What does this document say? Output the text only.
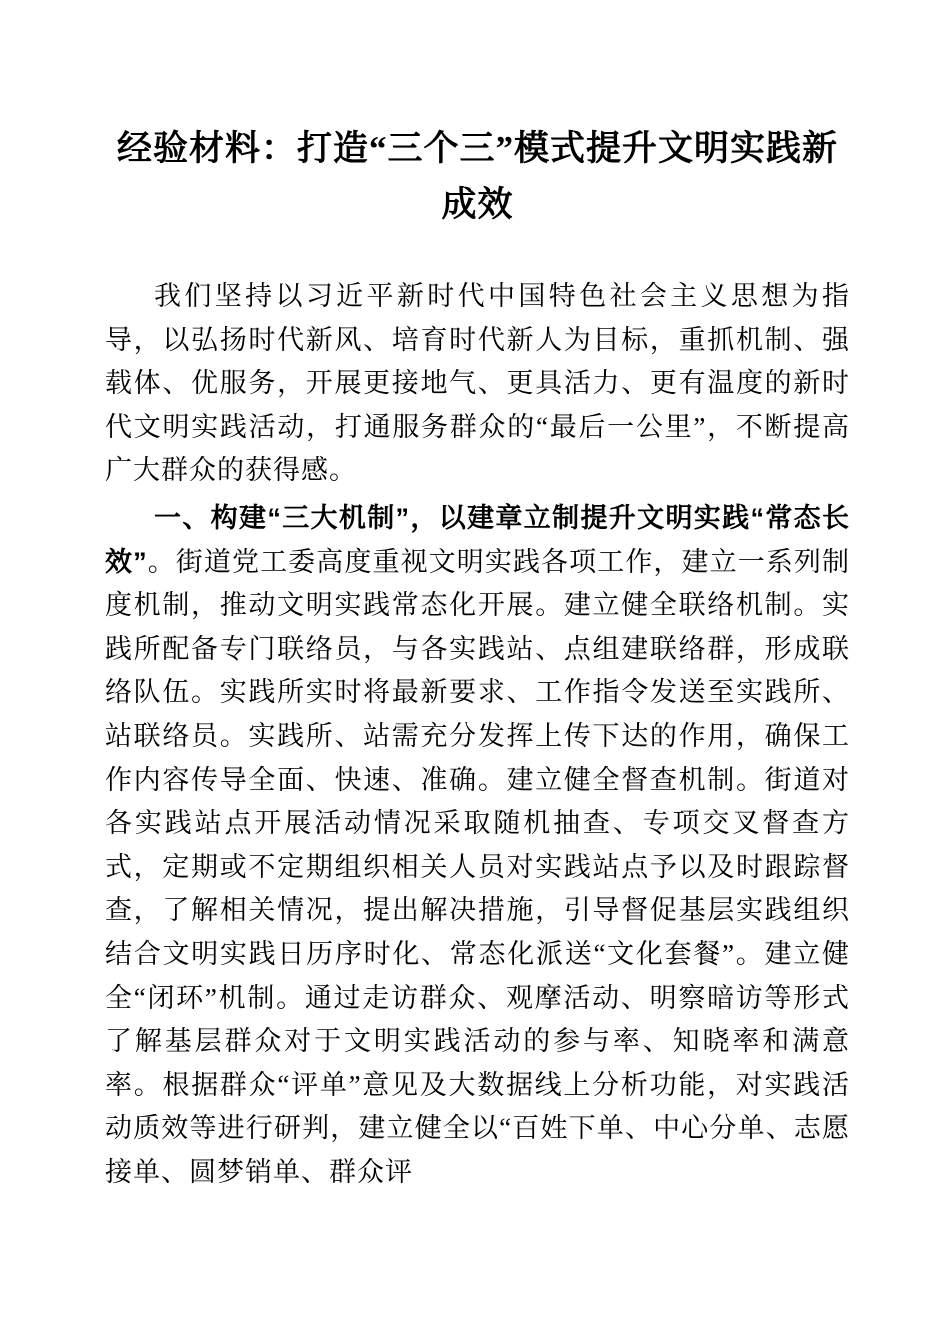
经验材料：打造“三个三”模式提升文明实践新成效

我们坚持以习近平新时代中国特色社会主义思想为指导，以弘扬时代新风、培育时代新人为目标，重抓机制、强载体、优服务，开展更接地气、更具活力、更有温度的新时代文明实践活动，打通服务群众的“最后一公里”，不断提高广大群众的获得感。

一、构建“三大机制”，以建章立制提升文明实践“常态长效”。街道党工委高度重视文明实践各项工作，建立一系列制度机制，推动文明实践常态化开展。建立健全联络机制。实践所配备专门联络员，与各实践站、点组建联络群，形成联络队伍。实践所实时将最新要求、工作指令发送至实践所、站联络员。实践所、站需充分发挥上传下达的作用，确保工作内容传导全面、快速、准确。建立健全督查机制。街道对各实践站点开展活动情况采取随机抽查、专项交叉督查方式，定期或不定期组织相关人员对实践站点予以及时跟踪督查，了解相关情况，提出解决措施，引导督促基层实践组织结合文明实践日历序时化、常态化派送“文化套餐”。建立健全“闭环”机制。通过走访群众、观摩活动、明察暗访等形式了解基层群众对于文明实践活动的参与率、知晓率和满意率。根据群众“评单”意见及大数据线上分析功能，对实践活动质效等进行研判，建立健全以“百姓下单、中心分单、志愿接单、圆梦销单、群众评
